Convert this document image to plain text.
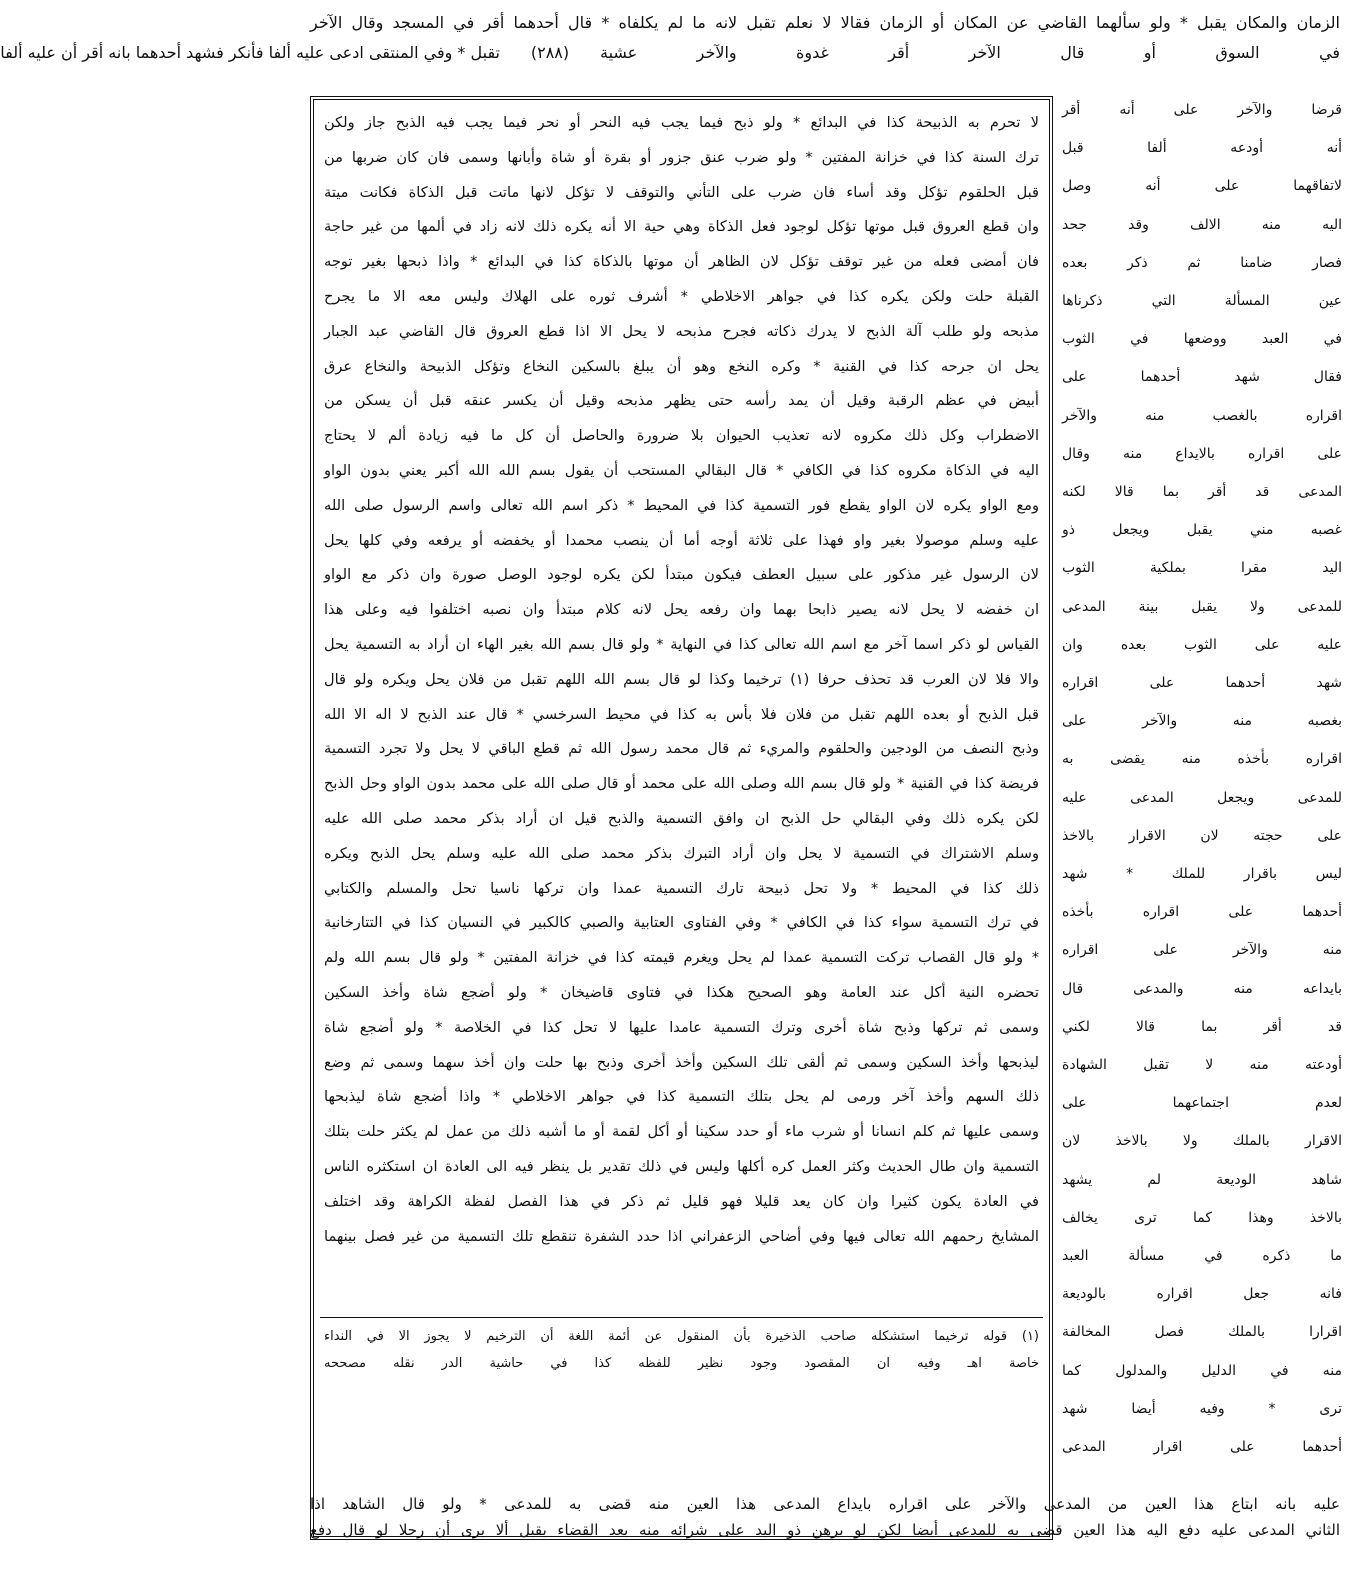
الزمان والمكان يقبل * ولو سألهما القاضي عن المكان أو الزمان فقالا لا نعلم تقبل لانه ما لم يكلفاه * قال أحدهما أقر في المسجد وقال الآخر
في السوق أو قال الآخر أقر غدوة والآخر عشية
(٢٨٨)
تقبل * وفي المنتقى ادعى عليه ألفا فأنكر فشهد أحدهما بانه أقر أن عليه ألفا
لا تحرم به الذبيحة كذا في البدائع * ولو ذبح فيما يجب فيه النحر أو نحر فيما يجب فيه الذبح جاز ولكن
ترك السنة كذا في خزانة المفتين * ولو ضرب عنق جزور أو بقرة أو شاة وأبانها وسمى فان كان ضربها من
قبل الحلقوم تؤكل وقد أساء فان ضرب على التأني والتوقف لا تؤكل لانها ماتت قبل الذكاة فكانت ميتة
وان قطع العروق قبل موتها تؤكل لوجود فعل الذكاة وهي حية الا أنه يكره ذلك لانه زاد في ألمها من غير حاجة
فان أمضى فعله من غير توقف تؤكل لان الظاهر أن موتها بالذكاة كذا في البدائع * واذا ذبحها بغير توجه
القبلة حلت ولكن يكره كذا في جواهر الاخلاطي * أشرف ثوره على الهلاك وليس معه الا ما يجرح
مذبحه ولو طلب آلة الذبح لا يدرك ذكاته فجرح مذبحه لا يحل الا اذا قطع العروق قال القاضي عبد الجبار
يحل ان جرحه كذا في القنية * وكره النخع وهو أن يبلغ بالسكين النخاع وتؤكل الذبيحة والنخاع عرق
أبيض في عظم الرقبة وقيل أن يمد رأسه حتى يظهر مذبحه وقيل أن يكسر عنقه قبل أن يسكن من
الاضطراب وكل ذلك مكروه لانه تعذيب الحيوان بلا ضرورة والحاصل أن كل ما فيه زيادة ألم لا يحتاج
اليه في الذكاة مكروه كذا في الكافي * قال البقالي المستحب أن يقول بسم الله الله أكبر يعني بدون الواو
ومع الواو يكره لان الواو يقطع فور التسمية كذا في المحيط * ذكر اسم الله تعالى واسم الرسول صلى الله
عليه وسلم موصولا بغير واو فهذا على ثلاثة أوجه أما أن ينصب محمدا أو يخفضه أو يرفعه وفي كلها يحل
لان الرسول غير مذكور على سبيل العطف فيكون مبتدأ لكن يكره لوجود الوصل صورة وان ذكر مع الواو
ان خفضه لا يحل لانه يصير ذابحا بهما وان رفعه يحل لانه كلام مبتدأ وان نصبه اختلفوا فيه وعلى هذا
القياس لو ذكر اسما آخر مع اسم الله تعالى كذا في النهاية * ولو قال بسم الله بغير الهاء ان أراد به التسمية يحل
والا فلا لان العرب قد تحذف حرفا (١) ترخيما وكذا لو قال بسم الله اللهم تقبل من فلان يحل ويكره ولو قال
قبل الذبح أو بعده اللهم تقبل من فلان فلا بأس به كذا في محيط السرخسي * قال عند الذبح لا اله الا الله
وذبح النصف من الودجين والحلقوم والمريء ثم قال محمد رسول الله ثم قطع الباقي لا يحل ولا تجرد التسمية
فريضة كذا في القنية * ولو قال بسم الله وصلى الله على محمد أو قال صلى الله على محمد بدون الواو وحل الذبح
لكن يكره ذلك وفي البقالي حل الذبح ان وافق التسمية والذبح قيل ان أراد بذكر محمد صلى الله عليه
وسلم الاشتراك في التسمية لا يحل وان أراد التبرك بذكر محمد صلى الله عليه وسلم يحل الذبح ويكره
ذلك كذا في المحيط * ولا تحل ذبيحة تارك التسمية عمدا وان تركها ناسيا تحل والمسلم والكتابي
في ترك التسمية سواء كذا في الكافي * وفي الفتاوى العتابية والصبي كالكبير في النسيان كذا في التتارخانية
* ولو قال القصاب تركت التسمية عمدا لم يحل ويغرم قيمته كذا في خزانة المفتين * ولو قال بسم الله ولم
تحضره النية أكل عند العامة وهو الصحيح هكذا في فتاوى قاضيخان * ولو أضجع شاة وأخذ السكين
وسمى ثم تركها وذبح شاة أخرى وترك التسمية عامدا عليها لا تحل كذا في الخلاصة * ولو أضجع شاة
ليذبحها وأخذ السكين وسمى ثم ألقى تلك السكين وأخذ أخرى وذبح بها حلت وان أخذ سهما وسمى ثم وضع
ذلك السهم وأخذ آخر ورمى لم يحل بتلك التسمية كذا في جواهر الاخلاطي * واذا أضجع شاة ليذبحها
وسمى عليها ثم كلم انسانا أو شرب ماء أو حدد سكينا أو أكل لقمة أو ما أشبه ذلك من عمل لم يكثر حلت بتلك
التسمية وان طال الحديث وكثر العمل كره أكلها وليس في ذلك تقدير بل ينظر فيه الى العادة ان استكثره الناس
في العادة يكون كثيرا وان كان يعد قليلا فهو قليل ثم ذكر في هذا الفصل لفظة الكراهة وقد اختلف
المشايخ رحمهم الله تعالى فيها وفي أضاحي الزعفراني اذا حدد الشفرة تنقطع تلك التسمية من غير فصل بينهما
(١) قوله ترخيما استشكله صاحب الذخيرة بأن المنقول عن أئمة اللغة أن الترخيم لا يجوز الا في النداء
خاصة اهـ وفيه ان المقصود وجود نظير للفظه كذا في حاشية الدر نقله مصححه
قرضا والآخر على أنه أقر
أنه أودعه ألفا قبل
لاتفاقهما على أنه وصل
اليه منه الالف وقد جحد
فصار ضامنا ثم ذكر بعده
عين المسألة التي ذكرناها
في العبد ووضعها في الثوب
فقال شهد أحدهما على
اقراره بالغصب منه والآخر
على اقراره بالايداع منه وقال
المدعى قد أقر بما قالا لكنه
غصبه مني يقبل ويجعل ذو
اليد مقرا بملكية الثوب
للمدعى ولا يقبل بينة المدعى
عليه على الثوب بعده وان
شهد أحدهما على اقراره
بغصبه منه والآخر على
اقراره بأخذه منه يقضى به
للمدعى ويجعل المدعى عليه
على حجته لان الاقرار بالاخذ
ليس باقرار للملك * شهد
أحدهما على اقراره بأخذه
منه والآخر على اقراره
بايداعه منه والمدعى قال
قد أقر بما قالا لكني
أودعته منه لا تقبل الشهادة
لعدم اجتماعهما على
الاقرار بالملك ولا بالاخذ لان
شاهد الوديعة لم يشهد
بالاخذ وهذا كما ترى يخالف
ما ذكره في مسألة العبد
فانه جعل اقراره بالوديعة
اقرارا بالملك فصل المخالفة
منه في الدليل والمدلول كما
ترى * وفيه أيضا شهد
أحدهما على اقرار المدعى
عليه بانه ابتاع هذا العين من المدعى والآخر على اقراره بايداع المدعى هذا العين منه قضى به للمدعى * ولو قال الشاهد اذا
الثاني المدعى عليه دفع اليه هذا العين قضى به للمدعى أيضا لكن لو برهن ذو اليد على شرائه منه بعد القضاء يقبل ألا يرى أن رجلا لو قال دفع
